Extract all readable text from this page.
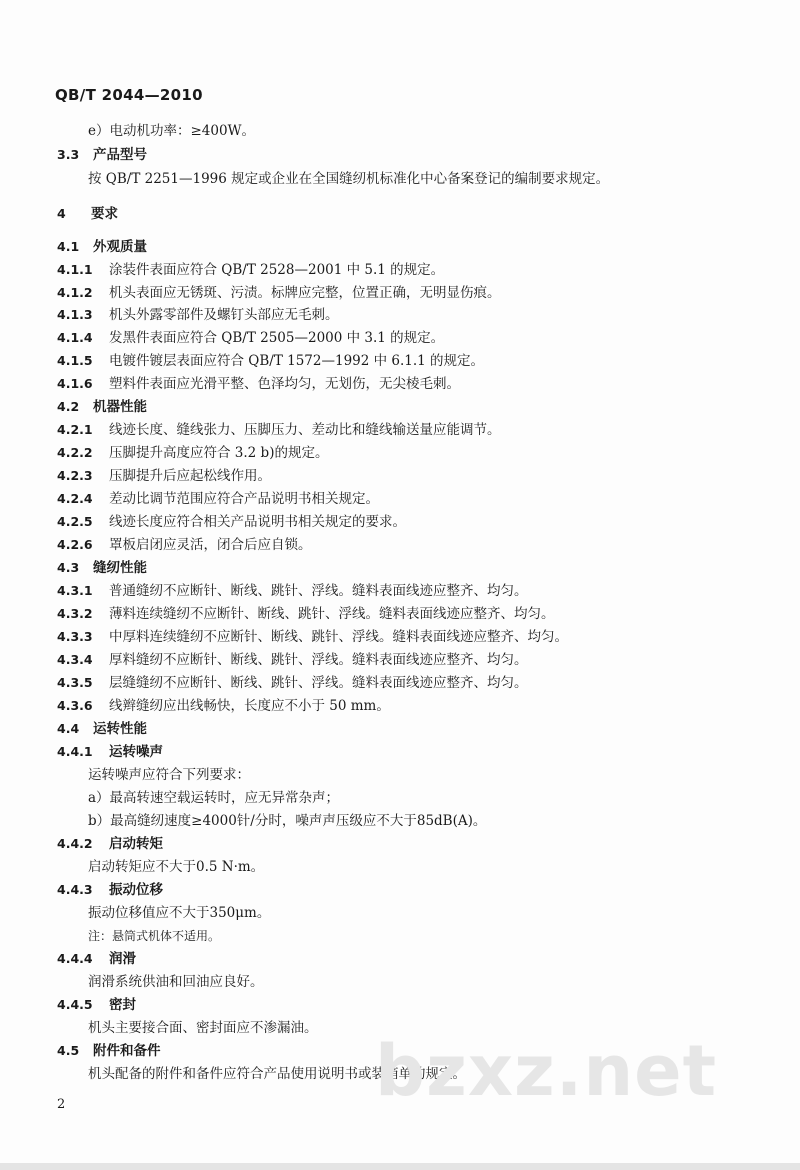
QB/T 2044—2010
e）电动机功率：≥400W。
3.3 产品型号
按 QB/T 2251—1996 规定或企业在全国缝纫机标准化中心备案登记的编制要求规定。
4 要求
4.1 外观质量
4.1.1 涂装件表面应符合 QB/T 2528—2001 中 5.1 的规定。
4.1.2 机头表面应无锈斑、污渍。标牌应完整，位置正确，无明显伤痕。
4.1.3 机头外露零部件及螺钉头部应无毛刺。
4.1.4 发黑件表面应符合 QB/T 2505—2000 中 3.1 的规定。
4.1.5 电镀件镀层表面应符合 QB/T 1572—1992 中 6.1.1 的规定。
4.1.6 塑料件表面应光滑平整、色泽均匀，无划伤，无尖棱毛刺。
4.2 机器性能
4.2.1 线迹长度、缝线张力、压脚压力、差动比和缝线输送量应能调节。
4.2.2 压脚提升高度应符合 3.2 b)的规定。
4.2.3 压脚提升后应起松线作用。
4.2.4 差动比调节范围应符合产品说明书相关规定。
4.2.5 线迹长度应符合相关产品说明书相关规定的要求。
4.2.6 罩板启闭应灵活，闭合后应自锁。
4.3 缝纫性能
4.3.1 普通缝纫不应断针、断线、跳针、浮线。缝料表面线迹应整齐、均匀。
4.3.2 薄料连续缝纫不应断针、断线、跳针、浮线。缝料表面线迹应整齐、均匀。
4.3.3 中厚料连续缝纫不应断针、断线、跳针、浮线。缝料表面线迹应整齐、均匀。
4.3.4 厚料缝纫不应断针、断线、跳针、浮线。缝料表面线迹应整齐、均匀。
4.3.5 层缝缝纫不应断针、断线、跳针、浮线。缝料表面线迹应整齐、均匀。
4.3.6 线辫缝纫应出线畅快，长度应不小于 50 mm。
4.4 运转性能
4.4.1 运转噪声
运转噪声应符合下列要求：
a）最高转速空载运转时，应无异常杂声；
b）最高缝纫速度≥4000针/分时，噪声声压级应不大于85dB(A)。
4.4.2 启动转矩
启动转矩应不大于0.5 N·m。
4.4.3 振动位移
振动位移值应不大于350μm。
注：悬筒式机体不适用。
4.4.4 润滑
润滑系统供油和回油应良好。
4.4.5 密封
机头主要接合面、密封面应不渗漏油。
4.5 附件和备件
机头配备的附件和备件应符合产品使用说明书或装箱单的规定。
bzxz.net
2
